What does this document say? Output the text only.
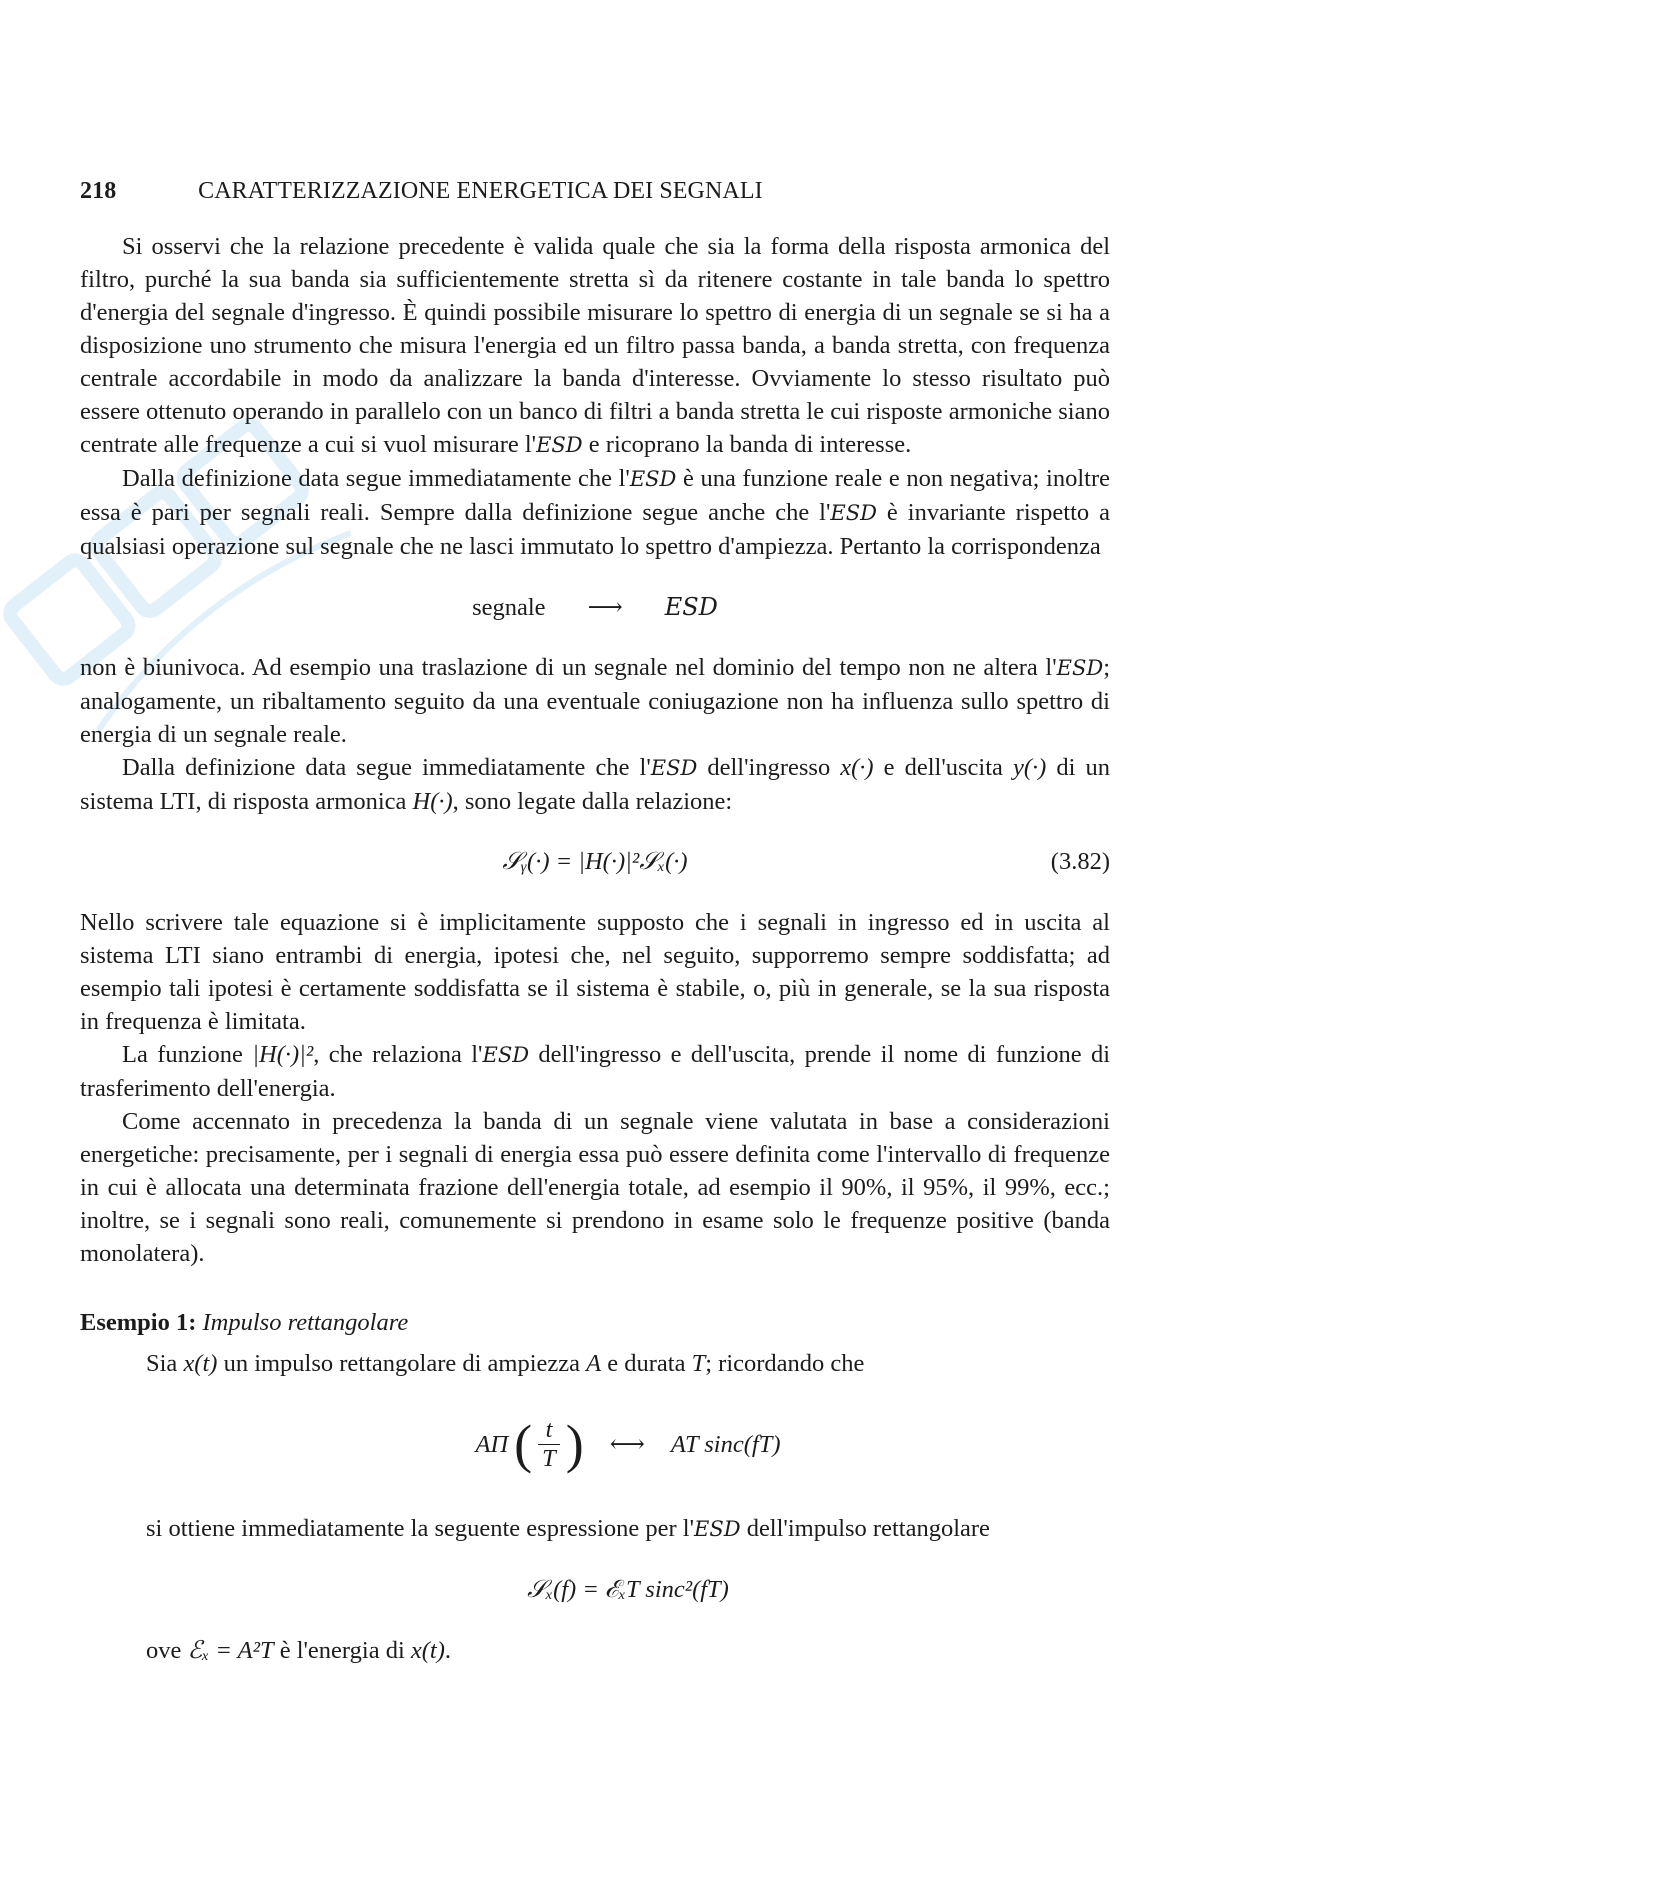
218	CARATTERIZZAZIONE ENERGETICA DEI SEGNALI

Si osservi che la relazione precedente è valida quale che sia la forma della risposta armonica del filtro, purché la sua banda sia sufficientemente stretta sì da ritenere costante in tale banda lo spettro d'energia del segnale d'ingresso. È quindi possibile misurare lo spettro di energia di un segnale se si ha a disposizione uno strumento che misura l'energia ed un filtro passa banda, a banda stretta, con frequenza centrale accordabile in modo da analizzare la banda d'interesse. Ovviamente lo stesso risultato può essere ottenuto operando in parallelo con un banco di filtri a banda stretta le cui risposte armoniche siano centrate alle frequenze a cui si vuol misurare l'ESD e ricoprano la banda di interesse.

Dalla definizione data segue immediatamente che l'ESD è una funzione reale e non negativa; inoltre essa è pari per segnali reali. Sempre dalla definizione segue anche che l'ESD è invariante rispetto a qualsiasi operazione sul segnale che ne lasci immutato lo spettro d'ampiezza. Pertanto la corrispondenza

segnale ⟶ ESD

non è biunivoca. Ad esempio una traslazione di un segnale nel dominio del tempo non ne altera l'ESD; analogamente, un ribaltamento seguito da una eventuale coniugazione non ha influenza sullo spettro di energia di un segnale reale.

Dalla definizione data segue immediatamente che l'ESD dell'ingresso x(·) e dell'uscita y(·) di un sistema LTI, di risposta armonica H(·), sono legate dalla relazione:

𝒮ᵧ(·) = |H(·)|²𝒮ₓ(·)	(3.82)

Nello scrivere tale equazione si è implicitamente supposto che i segnali in ingresso ed in uscita al sistema LTI siano entrambi di energia, ipotesi che, nel seguito, supporremo sempre soddisfatta; ad esempio tali ipotesi è certamente soddisfatta se il sistema è stabile, o, più in generale, se la sua risposta in frequenza è limitata.

La funzione |H(·)|², che relaziona l'ESD dell'ingresso e dell'uscita, prende il nome di funzione di trasferimento dell'energia.

Come accennato in precedenza la banda di un segnale viene valutata in base a considerazioni energetiche: precisamente, per i segnali di energia essa può essere definita come l'intervallo di frequenze in cui è allocata una determinata frazione dell'energia totale, ad esempio il 90%, il 95%, il 99%, ecc.; inoltre, se i segnali sono reali, comunemente si prendono in esame solo le frequenze positive (banda monolatera).

Esempio 1: Impulso rettangolare

Sia x(t) un impulso rettangolare di ampiezza A e durata T; ricordando che

AΠ ( $\frac{t}{T}$ ) ⟷ AT sinc(fT)

si ottiene immediatamente la seguente espressione per l'ESD dell'impulso rettangolare

𝒮ₓ(f) = ℰₓT sinc²(fT)

ove ℰₓ = A²T è l'energia di x(t).
